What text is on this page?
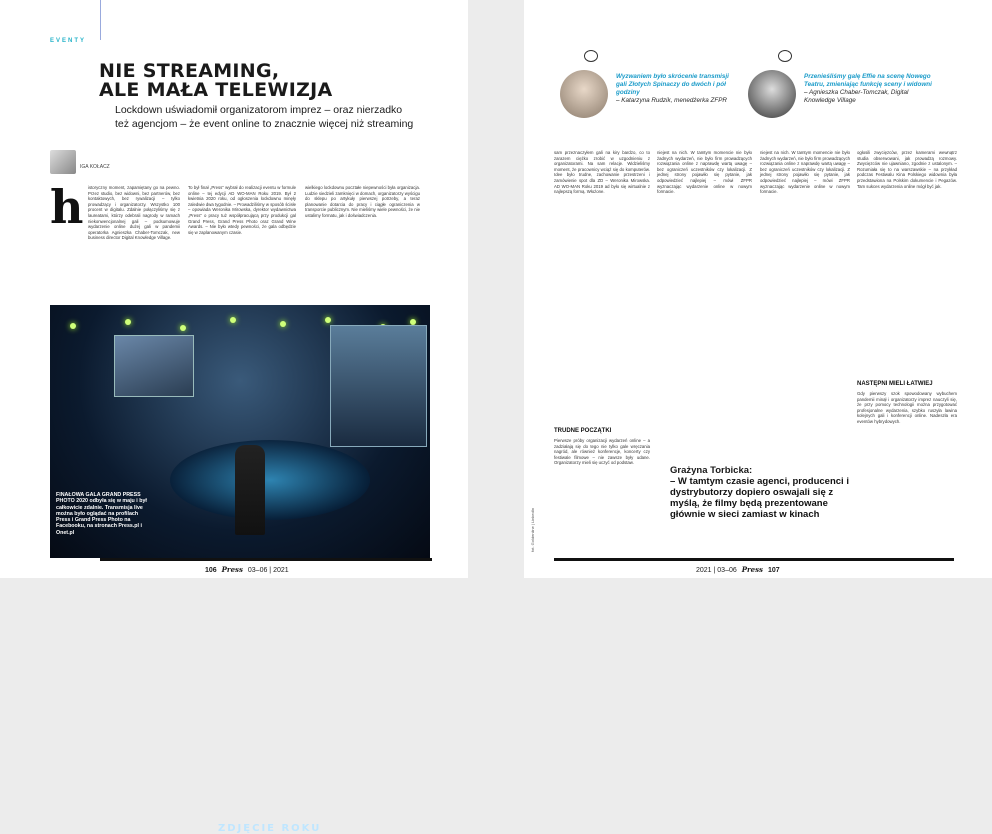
EVENTY
NIE STREAMING,
ALE MAŁA TELEWIZJA

Lockdown uświadomił organizatorom imprez – oraz nierzadko też agencjom – że event online to znacznie więcej niż streaming

IGA KOŁACZ
h istoryczny moment, zapamiętany go na pewno. Przez studio, bez widowni, bez partnerów, bez kontaktowych, bez rywalizacji – tylko prowadzący i organizatorzy. Wszystko 100 procent w digitalu. Zdalnie połączyliśmy się z laureatami, którzy odebrali nagrody w ramach niekonwencjonalnej gali – podsumowuje wydarzenie online dużej gali w pandemii operatorka Agnieszka Chaber-Tomczak, new business director Digital Knowledge Village.
To był finał „Press” wybrał do realizacji eventu w formule online – tej edycji AD WO-MAN Roku 2019. Był 2 kwietnia 2020 roku, od ogłoszenia lockdownu minęły zaledwie dwa tygodnie. – Prowadziliśmy w sposób ścisłe – opowiada Weronika Mirowska, dyrektor wydawnictwa „Press” o pracy tuż współpracującą przy produkcji gal Grand Press, Grand Press Photo oraz Grand Wine Awards. – Nie było wtedy pewności, że gala odbędzie się w zaplanowanym czasie.
wielkiego lockdownu pocztałe niepewności była organizacja. Ludzie siedzieli zamknięci w domach, organizatorzy wyścigu do sklepu po artykuły pierwszej potrzeby, a teraz planowanie dotarcia do pracy i ciągłe ograniczenia w transporcie publicznym. Nie mieliśmy wiele pewności, że nie ustalimy formatu, jak i doświadczenia.
ZDJĘCIE ROKU
FINAŁOWA GALA GRAND PRESS PHOTO 2020 odbyła się w maju i był całkowicie zdalnie. Transmisja live można było oglądać na profilach Press i Grand Press Photo na Facebooku, na stronach Press.pl i Onet.pl
106 Press 03–06 | 2021
Wyzwaniem było skrócenie transmisji gali Złotych Spinaczy do dwóch i pół godziny
– Katarzyna Rudzik, menedżerka ZFPR
Przenieśliśmy galę Effie na scenę Nowego Teatru, zmieniając funkcję sceny i widowni
– Agnieszka Chaber-Tomczak, Digital Knowledge Village
sam przeznaczyłem gali na kiry bardzo, co to zarazem ciężko zrobić w uzgodnieniu z organizatorami. Na sam relacje. Widzieliśmy moment, że pracownicy wciąż się do komputerów. Idee było trudne, zachowanie przestrzeni i zamówienie spot dla ZD – Weronika Mirowska. AD WO-MAN Roku 2019 ad było się wirtualnie z najlepszą formą. Włożone.
TRUDNE POCZĄTKI
Pierwsze próby organizacji wydarzeń online – a zadziałają się do tego nie tylko gale wręczania nagród, ale również konferencje, koncerty czy festiwale filmowe – nie zawsze były udane. Organizatorzy mieli się uczyć od podstaw.
niejest na nich. W tamtym momencie nie było żadnych wydarzeń, nie było firm prowadzących rozwiązania online z naprawdę wartą uwagę – bez ograniczeń uczestników czy lokalizacji. Z jednej strony pojawiło się pytanie, jak odpowiedzieć najlepiej – mówi ZFPR wyznaczając wydarzenie online w nowym formacie.
niejest na nich. W tamtym momencie nie było żadnych wydarzeń, nie było firm prowadzących rozwiązania online z naprawdę wartą uwagę – bez ograniczeń uczestników czy lokalizacji. Z jednej strony pojawiło się pytanie, jak odpowiedzieć najlepiej – mówi ZFPR wyznaczając wydarzenie online w nowym formacie.
ogłosili zwycięzców, przez kamerami wewnątrz studia obserwowani, jak prowadzą rozmowy. Zwycięzców nie ujawniano, zgodnie z ustalonym. – Rozumiała się to na warszawskie – na przykład podczas Festiwalu Kina Polskiego widownia była przedstawiona na Polskim dokumencie i Pegazów. Tam sukces wydarzenia online mógł być jak.
NASTĘPNI MIELI ŁATWIEJ
Gdy pierwszy szok spowodowany wybuchem pandemii minął i organizatorzy imprez nauczyli się, że przy pomocy technologii można przygotować profesjonalne wydarzenia, szybko ruszyła lawina kolejnych gali i konferencji online. Nadeszła era eventów hybrydowych.
Grażyna Torbicka:
– W tamtym czasie agenci, producenci i dystrybutorzy dopiero oswajali się z myślą, że filmy będą prezentowane głównie w sieci zamiast w kinach
fot. Goldenline | LinkedIn
2021 | 03–06 Press 107
